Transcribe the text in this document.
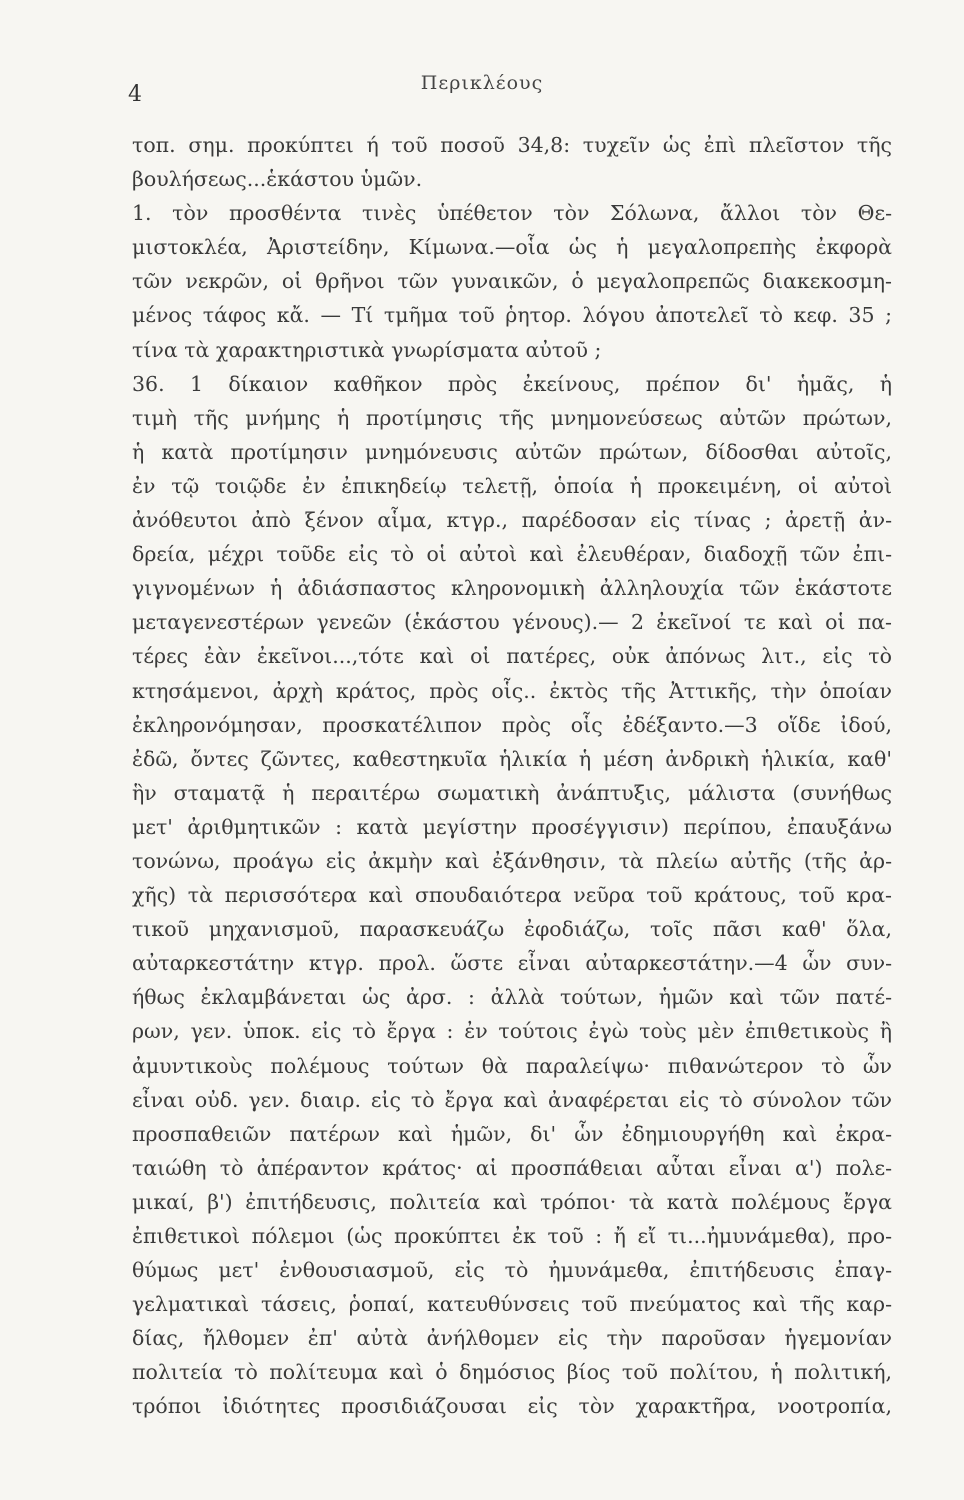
4	Περικλέους
τοπ. σημ. προκύπτει ή τοῦ ποσοῦ 34,8: τυχεῖν ὡς ἐπὶ πλεῖστον τῆς
βουλήσεως...ἑκάστου ὑμῶν.
1. τὸν προσθέντα τινὲς ὑπέθετον τὸν Σόλωνα, ἄλλοι τὸν Θε-
μιστοκλέα, Ἀριστείδην, Κίμωνα.—οἷα ὡς ἡ μεγαλοπρεπὴς ἐκφορὰ
τῶν νεκρῶν, οἱ θρῆνοι τῶν γυναικῶν, ὁ μεγαλοπρεπῶς διακεκοσμη-
μένος τάφος κἄ. — Τί τμῆμα τοῦ ῥητορ. λόγου ἀποτελεῖ τὸ κεφ. 35 ;
τίνα τὰ χαρακτηριστικὰ γνωρίσματα αὐτοῦ ;
36. 1 δίκαιον καθῆκον πρὸς ἐκείνους, πρέπον δι' ἡμᾶς, ἡ
τιμὴ τῆς μνήμης ἡ προτίμησις τῆς μνημονεύσεως αὐτῶν πρώτων,
ἡ κατὰ προτίμησιν μνημόνευσις αὐτῶν πρώτων, δίδοσθαι αὐτοῖς,
ἐν τῷ τοιῷδε ἐν ἐπικηδείῳ τελετῇ, ὁποία ἡ προκειμένη, οἱ αὐτοὶ
ἀνόθευτοι ἀπὸ ξένον αἷμα, κτγρ., παρέδοσαν εἰς τίνας ; ἀρετῇ ἀν-
δρεία, μέχρι τοῦδε εἰς τὸ οἱ αὐτοὶ καὶ ἐλευθέραν, διαδοχῇ τῶν ἐπι-
γιγνομένων ἡ ἀδιάσπαστος κληρονομικὴ ἀλληλουχία τῶν ἑκάστοτε
μεταγενεστέρων γενεῶν (ἑκάστου γένους).— 2 ἐκεῖνοί τε καὶ οἱ πα-
τέρες ἐὰν ἐκεῖνοι...,τότε καὶ οἱ πατέρες, οὐκ ἀπόνως λιτ., εἰς τὸ
κτησάμενοι, ἀρχὴ κράτος, πρὸς οἷς.. ἐκτὸς τῆς Ἀττικῆς, τὴν ὁποίαν
ἐκληρονόμησαν, προσκατέλιπον πρὸς οἷς ἐδέξαντο.—3 οἵδε ἰδού,
ἐδῶ, ὄντες ζῶντες, καθεστηκυῖα ἡλικία ἡ μέση ἀνδρικὴ ἡλικία, καθ'
ἣν σταματᾷ ἡ περαιτέρω σωματικὴ ἀνάπτυξις, μάλιστα (συνήθως
μετ' ἀριθμητικῶν : κατὰ μεγίστην προσέγγισιν) περίπου, ἐπαυξάνω
τονώνω, προάγω εἰς ἀκμὴν καὶ ἐξάνθησιν, τὰ πλείω αὐτῆς (τῆς ἀρ-
χῆς) τὰ περισσότερα καὶ σπουδαιότερα νεῦρα τοῦ κράτους, τοῦ κρα-
τικοῦ μηχανισμοῦ, παρασκευάζω ἐφοδιάζω, τοῖς πᾶσι καθ' ὅλα,
αὐταρκεστάτην κτγρ. προλ. ὥστε εἶναι αὐταρκεστάτην.—4 ὧν συν-
ήθως ἐκλαμβάνεται ὡς ἀρσ. : ἀλλὰ τούτων, ἡμῶν καὶ τῶν πατέ-
ρων, γεν. ὑποκ. εἰς τὸ ἔργα : ἐν τούτοις ἐγὼ τοὺς μὲν ἐπιθετικοὺς ἢ
ἀμυντικοὺς πολέμους τούτων θὰ παραλείψω· πιθανώτερον τὸ ὧν
εἶναι οὐδ. γεν. διαιρ. εἰς τὸ ἔργα καὶ ἀναφέρεται εἰς τὸ σύνολον τῶν
προσπαθειῶν πατέρων καὶ ἡμῶν, δι' ὧν ἐδημιουργήθη καὶ ἐκρα-
ταιώθη τὸ ἀπέραντον κράτος· αἱ προσπάθειαι αὗται εἶναι α') πολε-
μικαί, β') ἐπιτήδευσις, πολιτεία καὶ τρόποι· τὰ κατὰ πολέμους ἔργα
ἐπιθετικοὶ πόλεμοι (ὡς προκύπτει ἐκ τοῦ : ἤ εἴ τι...ἠμυνάμεθα), προ-
θύμως μετ' ἐνθουσιασμοῦ, εἰς τὸ ἠμυνάμεθα, ἐπιτήδευσις ἐπαγ-
γελματικαὶ τάσεις, ῥοπαί, κατευθύνσεις τοῦ πνεύματος καὶ τῆς καρ-
δίας, ἤλθομεν ἐπ' αὐτὰ ἀνήλθομεν εἰς τὴν παροῦσαν ἡγεμονίαν
πολιτεία τὸ πολίτευμα καὶ ὁ δημόσιος βίος τοῦ πολίτου, ἡ πολιτική,
τρόποι ἰδιότητες προσιδιάζουσαι εἰς τὸν χαρακτῆρα, νοοτροπία,
